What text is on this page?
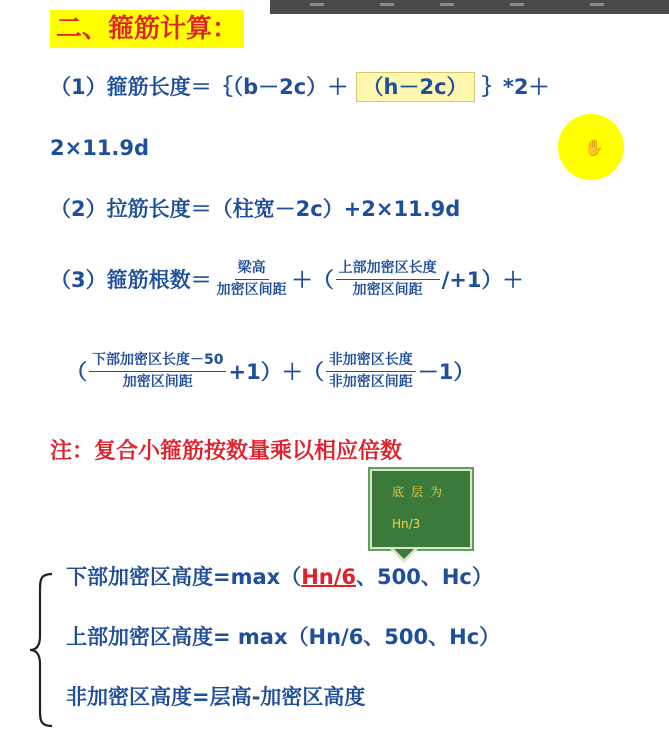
二、箍筋计算：
（1）箍筋长度＝｛（b－2c）＋ （h－2c） ｝*2＋
2×11.9d	✋
（2）拉筋长度＝（柱宽－2c）+2×11.9d
（3）箍筋根数＝ $\frac{\text{梁高}}{\text{加密区间距}}$ ＋（ $\frac{\text{上部加密区长度}}{\text{加密区间距}} /+1)+$
（ $\frac{\text{下部加密区长度－50}}{\text{加密区间距}} +1)+( \frac{\text{非加密区长度}}{\text{非加密区间距}} -1)$
注：复合小箍筋按数量乘以相应倍数
底层为
Hn/3
下部加密区高度=max（Hn/6、500、Hc）
上部加密区高度= max（Hn/6、500、Hc）
非加密区高度=层高-加密区高度
